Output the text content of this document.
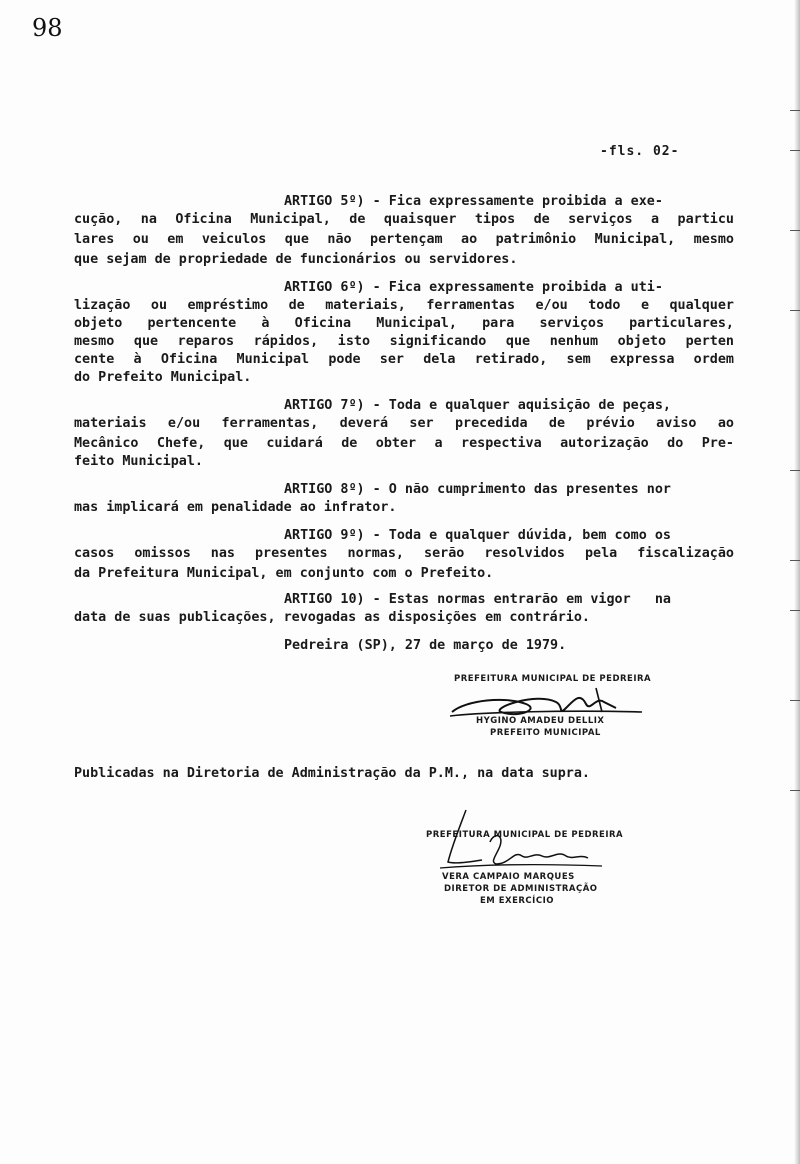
98
-fls. 02-
ARTIGO 5º) - Fica expressamente proibida a exe-
cução, na Oficina Municipal, de quaisquer tipos de serviços a particu
lares ou em veiculos que não pertençam ao patrimônio Municipal, mesmo
que sejam de propriedade de funcionários ou servidores.
ARTIGO 6º) - Fica expressamente proibida a uti-
lização ou empréstimo de materiais, ferramentas e/ou todo e qualquer
objeto pertencente à Oficina Municipal, para serviços particulares,
mesmo que reparos rápidos, isto significando que nenhum objeto perten
cente à Oficina Municipal pode ser dela retirado, sem expressa ordem
do Prefeito Municipal.
ARTIGO 7º) - Toda e qualquer aquisição de peças,
materiais e/ou ferramentas, deverá ser precedida de prévio aviso ao
Mecânico Chefe, que cuidará de obter a respectiva autorização do Pre-
feito Municipal.
ARTIGO 8º) - O não cumprimento das presentes nor
mas implicará em penalidade ao infrator.
ARTIGO 9º) - Toda e qualquer dúvida, bem como os
casos omissos nas presentes normas, serão resolvidos pela fiscalização
da Prefeitura Municipal, em conjunto com o Prefeito.
ARTIGO 10) - Estas normas entrarão em vigor   na
data de suas publicações, revogadas as disposições em contrário.
Pedreira (SP), 27 de março de 1979.
PREFEITURA MUNICIPAL DE PEDREIRA
HYGINO AMADEU DELLIX
PREFEITO MUNICIPAL
Publicadas na Diretoria de Administração da P.M., na data supra.
PREFEITURA MUNICIPAL DE PEDREIRA
VERA CAMPAIO MARQUES
DIRETOR DE ADMINISTRAÇÃO
EM EXERCÍCIO
